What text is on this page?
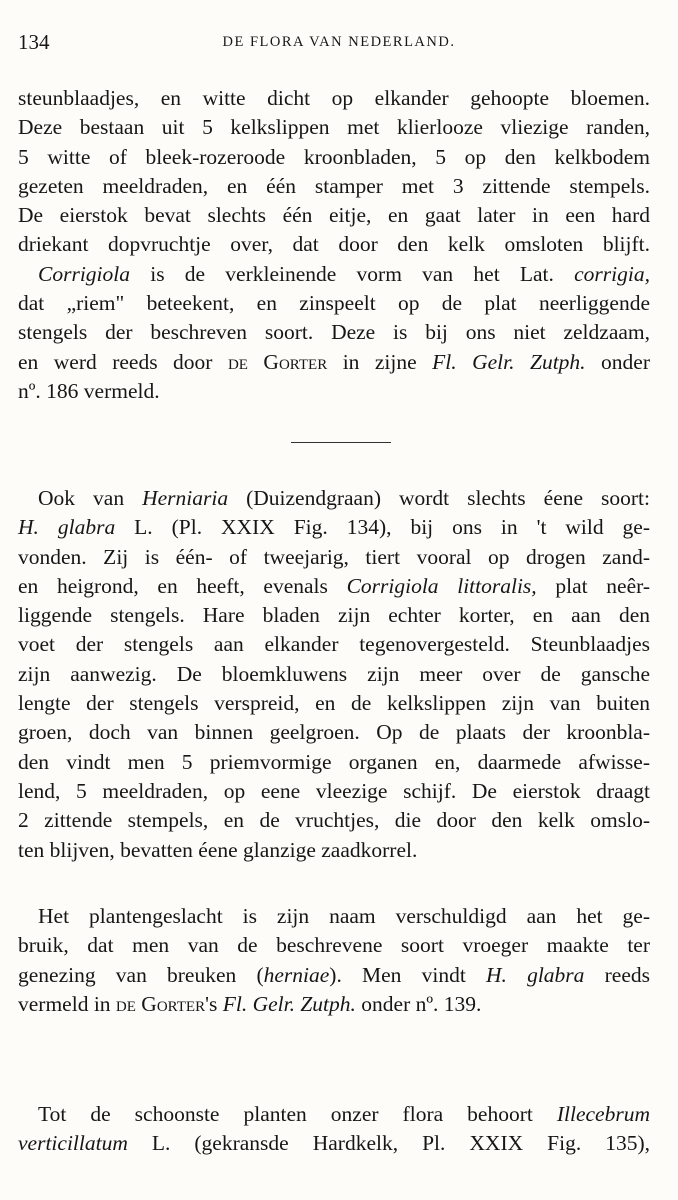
134	DE FLORA VAN NEDERLAND.
steunblaadjes, en witte dicht op elkander gehoopte bloemen.
Deze bestaan uit 5 kelkslippen met klierlooze vliezige randen,
5 witte of bleek-rozeroode kroonbladen, 5 op den kelkbodem
gezeten meeldraden, en één stamper met 3 zittende stempels.
De eierstok bevat slechts één eitje, en gaat later in een hard
driekant dopvruchtje over, dat door den kelk omsloten blijft.
Corrigiola is de verkleinende vorm van het Lat. corrigia,
dat „riem" beteekent, en zinspeelt op de plat neerliggende
stengels der beschreven soort. Deze is bij ons niet zeldzaam,
en werd reeds door de Gorter in zijne Fl. Gelr. Zutph. onder
nº. 186 vermeld.
Ook van Herniaria (Duizendgraan) wordt slechts éene soort:
H. glabra L. (Pl. XXIX Fig. 134), bij ons in 't wild ge-
vonden. Zij is één- of tweejarig, tiert vooral op drogen zand-
en heigrond, en heeft, evenals Corrigiola littoralis, plat neêr-
liggende stengels. Hare bladen zijn echter korter, en aan den
voet der stengels aan elkander tegenovergesteld. Steunblaadjes
zijn aanwezig. De bloemkluwens zijn meer over de gansche
lengte der stengels verspreid, en de kelkslippen zijn van buiten
groen, doch van binnen geelgroen. Op de plaats der kroonbla-
den vindt men 5 priemvormige organen en, daarmede afwisse-
lend, 5 meeldraden, op eene vleezige schijf. De eierstok draagt
2 zittende stempels, en de vruchtjes, die door den kelk omslo-
ten blijven, bevatten éene glanzige zaadkorrel.
Het plantengeslacht is zijn naam verschuldigd aan het ge-
bruik, dat men van de beschrevene soort vroeger maakte ter
genezing van breuken (herniae). Men vindt H. glabra reeds
vermeld in de Gorter's Fl. Gelr. Zutph. onder nº. 139.
Tot de schoonste planten onzer flora behoort Illecebrum
verticillatum L. (gekransde Hardkelk, Pl. XXIX Fig. 135),
